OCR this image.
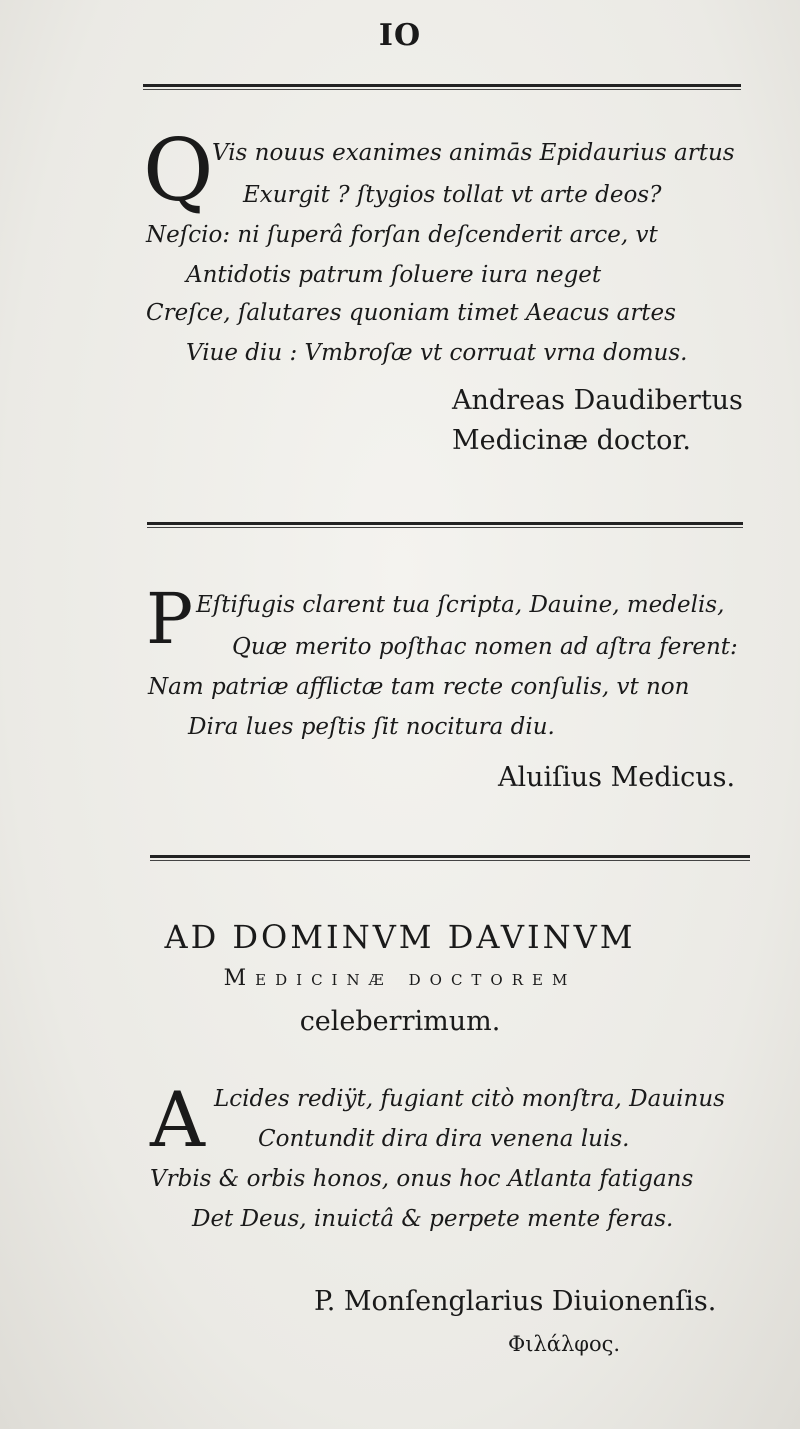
IO
Q
Vis nouus exanimes animās Epidaurius artus
Exurgit ? ſtygios tollat vt arte deos?
Neſcio: ni ſuperâ forſan deſcenderit arce, vt
Antidotis patrum ſoluere iura neget
Creſce, ſalutares quoniam timet Aeacus artes
Viue diu : Vmbroſæ vt corruat vrna domus.
Andreas Daudibertus
Medicinæ doctor.
P Eſtifugis clarent tua ſcripta, Dauine, medelis,
Quæ merito poſthac nomen ad aſtra ferent:
Nam patriæ afflictæ tam recte conſulis, vt non
Dira lues peſtis ſit nocitura diu.
Aluiſius Medicus.
AD DOMINVM DAVINVM
Medicinæ doctorem
celeberrimum.
A Lcides rediÿt, fugiant citò monſtra, Dauinus
Contundit dira dira venena luis.
Vrbis & orbis honos, onus hoc Atlanta fatigans
Det Deus, inuictâ & perpete mente feras.
P. Monſenglarius Diuionenſis.
Φιλάλφος.
